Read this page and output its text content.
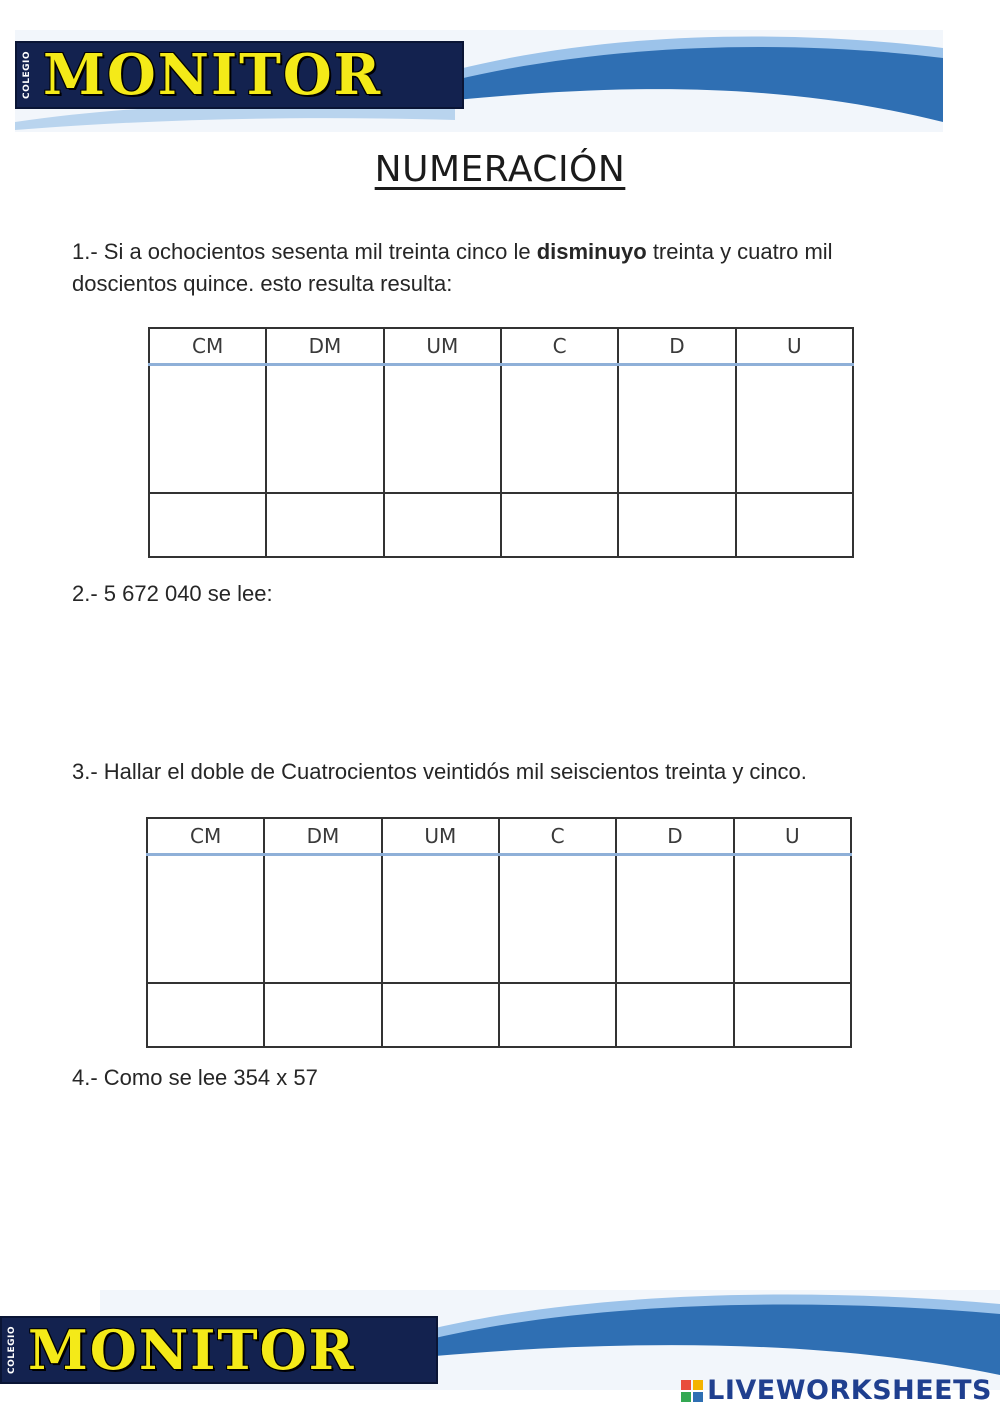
COLEGIO MONITOR
NUMERACIÓN
1.- Si a ochocientos sesenta mil treinta cinco le disminuyo treinta y cuatro mil doscientos quince. esto resulta resulta:
CM	DM	UM	C	D	U

2.- 5 672 040 se lee:
3.- Hallar el doble de Cuatrocientos veintidós mil seiscientos treinta y cinco.
CM	DM	UM	C	D	U

4.- Como se lee 354 x 57
COLEGIO MONITOR
LIVEWORKSHEETS
